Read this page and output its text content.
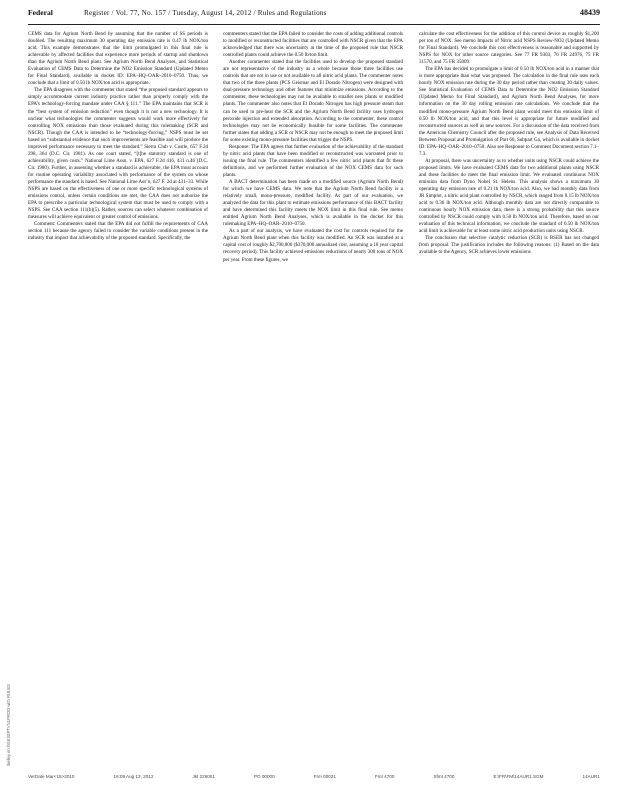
Federal	Register / Vol. 77, No. 157 / Tuesday, August 14, 2012 / Rules and Regulations	48439

CEMS data for Agrium North Bend by assuming that the number of SS periods is doubled. The resulting maximum 30 operating day emission rate is 0.47 lb NOX/ton acid. This example demonstrates that the limit promulgated in this final rule is achievable by affected facilities that experience more periods of startup and shutdown than the Agrium North Bend plant. See Agrium North Bend Analyses, and Statistical Evaluation of CEMS Data to Determine the NO2 Emission Standard (Updated Memo for Final Standard), available in docket ID: EPA–HQ–OAR–2010–0750. Thus, we conclude that a limit of 0.50 lb NOX/ton acid is appropriate.

The EPA disagrees with the commenter that stated “the proposed standard appears to simply accommodate current industry practice rather than properly comply with the EPA’s technology-forcing mandate under CAA § 111.” The EPA maintains that SCR is the “best system of emission reduction” even though it is not a new technology. It is unclear what technologies the commenter suggests would work more effectively for controlling NOX emissions than those evaluated during this rulemaking (SCR and NSCR). Though the CAA is intended to be “technology-forcing,” NSPS must be set based on “substantial evidence that such improvements are feasible and will produce the improved performance necessary to meet the standard.” Sierra Club v. Costle, 657 F.2d 298, 364 (D.C. Cir. 1981). As one court stated, “[t]he statutory standard is one of achievability, given costs.” National Lime Assn. v. EPA, 627 F.2d 416, 431 n.46 (D.C. Cir. 1980). Further, in assessing whether a standard is achievable, the EPA must account for routine operating variability associated with performance of the system on whose performance the standard is based. See National Lime Ass’n, 627 F. 2d at 431–33. While NSPS are based on the effectiveness of one or more specific technological systems of emissions control, unless certain conditions are met, the CAA does not authorize the EPA to prescribe a particular technological system that must be used to comply with a NSPS. See CAA section 111(b)(5). Rather, sources can select whatever combination of measures will achieve equivalent or greater control of emissions.

Comment: Commenters stated that the EPA did not fulfill the requirements of CAA section 111 because the agency failed to consider the variable conditions present in the industry that impact that achievability of the proposed standard. Specifically, the

commenters stated that the EPA failed to consider the costs of adding additional controls to modified or reconstructed facilities that are controlled with NSCR given that the EPA acknowledged that there was uncertainty at the time of the proposed rule that NSCR controlled plants could achieve the 0.50 lb/ton limit.

Another commenter stated that the facilities used to develop the proposed standard are not representative of the industry as a whole because those three facilities use controls that are not in use or not available to all nitric acid plants. The commenter notes that two of the three plants (PCS Geismar and El Dorado Nitrogen) were designed with dual-pressure technology and other features that minimize emissions. According to the commenter, these technologies may not be available to smaller new plants or modified plants. The commenter also notes that El Dorado Nitrogen has high pressure steam that can be used to pre-heat the SCR and the Agrium North Bend facility uses hydrogen peroxide injection and extended absorption. According to the commenter, these control technologies may not be economically feasible for some facilities. The commenter further states that adding a SCR or NSCR may not be enough to meet the proposed limit for some existing mono-pressure facilities that trigger the NSPS.

Response: The EPA agrees that further evaluation of the achievability of the standard by nitric acid plants that have been modified or reconstructed was warranted prior to issuing the final rule. The commenters identified a few nitric acid plants that fit these definitions, and we performed further evaluation of the NOX CEMS data for such plants.

A BACT determination has been made on a modified source (Agrium North Bend) for which we have CEMS data. We note that the Agrium North Bend facility is a relatively small, mono-pressure, modified facility. As part of our evaluation, we analyzed the data for this plant to estimate emissions performance of this BACT facility and have determined this facility meets the NOX limit in this final rule. See memo entitled Agrium North Bend Analyses, which is available in the docket for this rulemaking EPA–HQ–OAR–2010–0750.

As a part of our analysis, we have evaluated the cost for controls required for the Agrium North Bend plant when this facility was modified. An SCR was installed at a capital cost of roughly $2,700,000 ($370,000 annualized cost, assuming a 10 year capital recovery period). This facility achieved emissions reductions of nearly 300 tons of NOX per year. From these figures, we

calculate the cost effectiveness for the addition of this control device as roughly $1,200 per ton of NOX. See memo Impacts of Nitric acid NSPS Review-NO2 (Updated Memo for Final Standard). We conclude this cost effectiveness is reasonable and supported by NSPS for NOX for other source categories. See 77 FR 9303, 76 FR 24976, 75 FR 31570, and 75 FR 35009.

The EPA has decided to promulgate a limit of 0.50 lb NOX/ton acid in a manner that is more appropriate than what was proposed. The calculation in the final rule uses each hourly NOX emission rate during the 30 day period rather than creating 30 daily values. See Statistical Evaluation of CEMS Data to Determine the NO2 Emission Standard (Updated Memo for Final Standard), and Agrium North Bend Analyses, for more information on the 30 day rolling emission rate calculations. We conclude that the modified mono-pressure Agrium North Bend plant would meet this emission limit of 0.50 lb NOX/ton acid, and that this level is appropriate for future modified and reconstructed sources as well as new sources. For a discussion of the data received from the American Chemistry Council after the proposed rule, see Analysis of Data Received Between Proposal and Promulgation of Part 60, Subpart Ga, which is available in docket ID: EPA–HQ–OAR–2010–0750. Also see Response to Comment Document section 7.1–7.3.

At proposal, there was uncertainty as to whether units using NSCR could achieve the proposed limits. We have evaluated CEMS data for two additional plants using NSCR and these facilities do meet the final emission limit. We evaluated continuous NOX emission data from Dyno Nobel St. Helens. This analysis shows a maximum 30 operating day emission rate of 0.21 lb NOX/ton acid. Also, we had monthly data from JR Simplot, a nitric acid plant controlled by NSCR, which ranged from 0.15 lb NOX/ton acid to 0.36 lb NOX/ton acid. Although monthly data are not directly comparable to continuous hourly NOX emission data, there is a strong probability that this source controlled by NSCR could comply with 0.50 lb NOX/ton acid. Therefore, based on our evaluation of this technical information, we conclude the standard of 0.50 lb NOX/ton acid limit is achievable for at least some nitric acid production units using NSCR.

The conclusion that selective catalytic reduction (SCR) is BSER has not changed from proposal. The justification includes the following reasons: (1) Based on the data available to the Agency, SCR achieves lower emissions

tkelley on DSK3SPTVN1PROD with RULES
VerDate Mar<15>2010	16:09 Aug 13, 2012	Jkt 226001	PO 00000	Frm 00021	Fmt 4700	Sfmt 4700	E:\FR\FM\14AUR1.SGM	14AUR1
